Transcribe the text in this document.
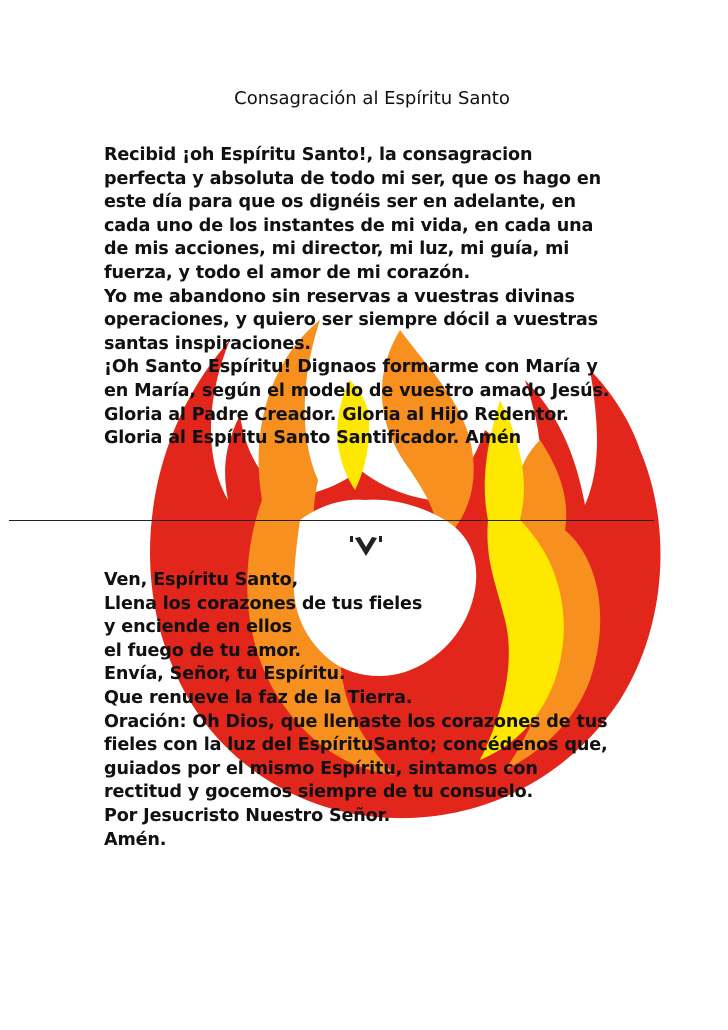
Consagración al Espíritu Santo
Recibid ¡oh Espíritu Santo!, la consagracion
perfecta y absoluta de todo mi ser, que os hago en
este día para que os dignéis ser en adelante, en
cada uno de los instantes de mi vida, en cada una
de mis acciones, mi director, mi luz, mi guía, mi
fuerza, y todo el amor de mi corazón.
Yo me abandono sin reservas a vuestras divinas
operaciones, y quiero ser siempre dócil a vuestras
santas inspiraciones.
¡Oh Santo Espíritu! Dignaos formarme con María y
en María, según el modelo de vuestro amado Jesús.
Gloria al Padre Creador. Gloria al Hijo Redentor.
Gloria al Espíritu Santo Santificador. Amén
Ven, Espíritu Santo,
Llena los corazones de tus fieles
y enciende en ellos
el fuego de tu amor.
Envía, Señor, tu Espíritu.
Que renueve la faz de la Tierra.
Oración: Oh Dios, que llenaste los corazones de tus
fieles con la luz del EspírituSanto; concédenos que,
guiados por el mismo Espíritu, sintamos con
rectitud y gocemos siempre de tu consuelo.
Por Jesucristo Nuestro Señor.
Amén.
